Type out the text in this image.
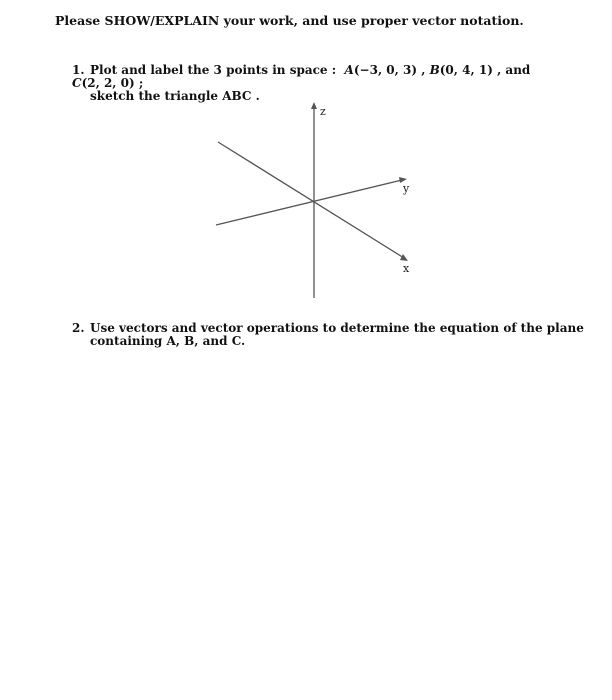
Please SHOW/EXPLAIN your work, and use proper vector notation.
1. Plot and label the 3 points in space : A(−3, 0, 3) , B(0, 4, 1) , and C(2, 2, 0) ;
sketch the triangle ABC .
z
y
x
2. Use vectors and vector operations to determine the equation of the plane
containing A, B, and C.
